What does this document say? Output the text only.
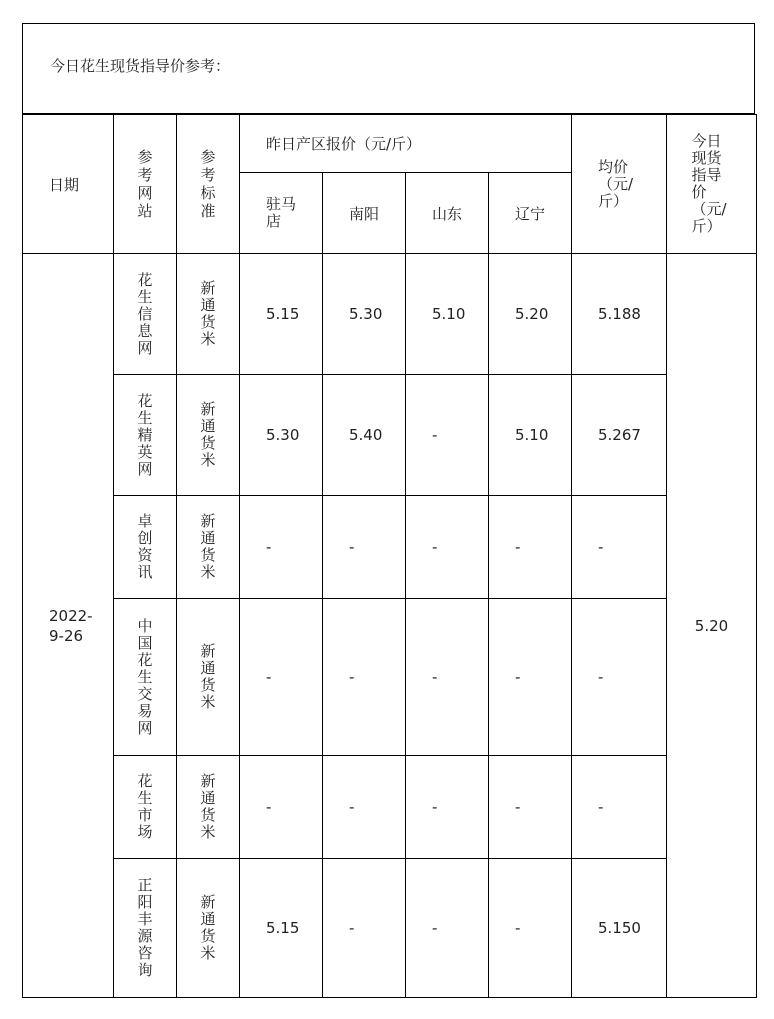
今日花生现货指导价参考：
日期	参考网站	参考标准	昨日产区报价（元/斤）				均价（元/斤）	今日现货指导价（元/斤）
			驻马店	南阳	山东	辽宁		
2022-9-26	花生信息网	新通货米	5.15	5.30	5.10	5.20	5.188	5.20
	花生精英网	新通货米	5.30	5.40	-	5.10	5.267	
	卓创资讯	新通货米	-	-	-	-	-	
	中国花生交易网	新通货米	-	-	-	-	-	
	花生市场	新通货米	-	-	-	-	-	
	正阳丰源咨询	新通货米	5.15	-	-	-	5.150	
